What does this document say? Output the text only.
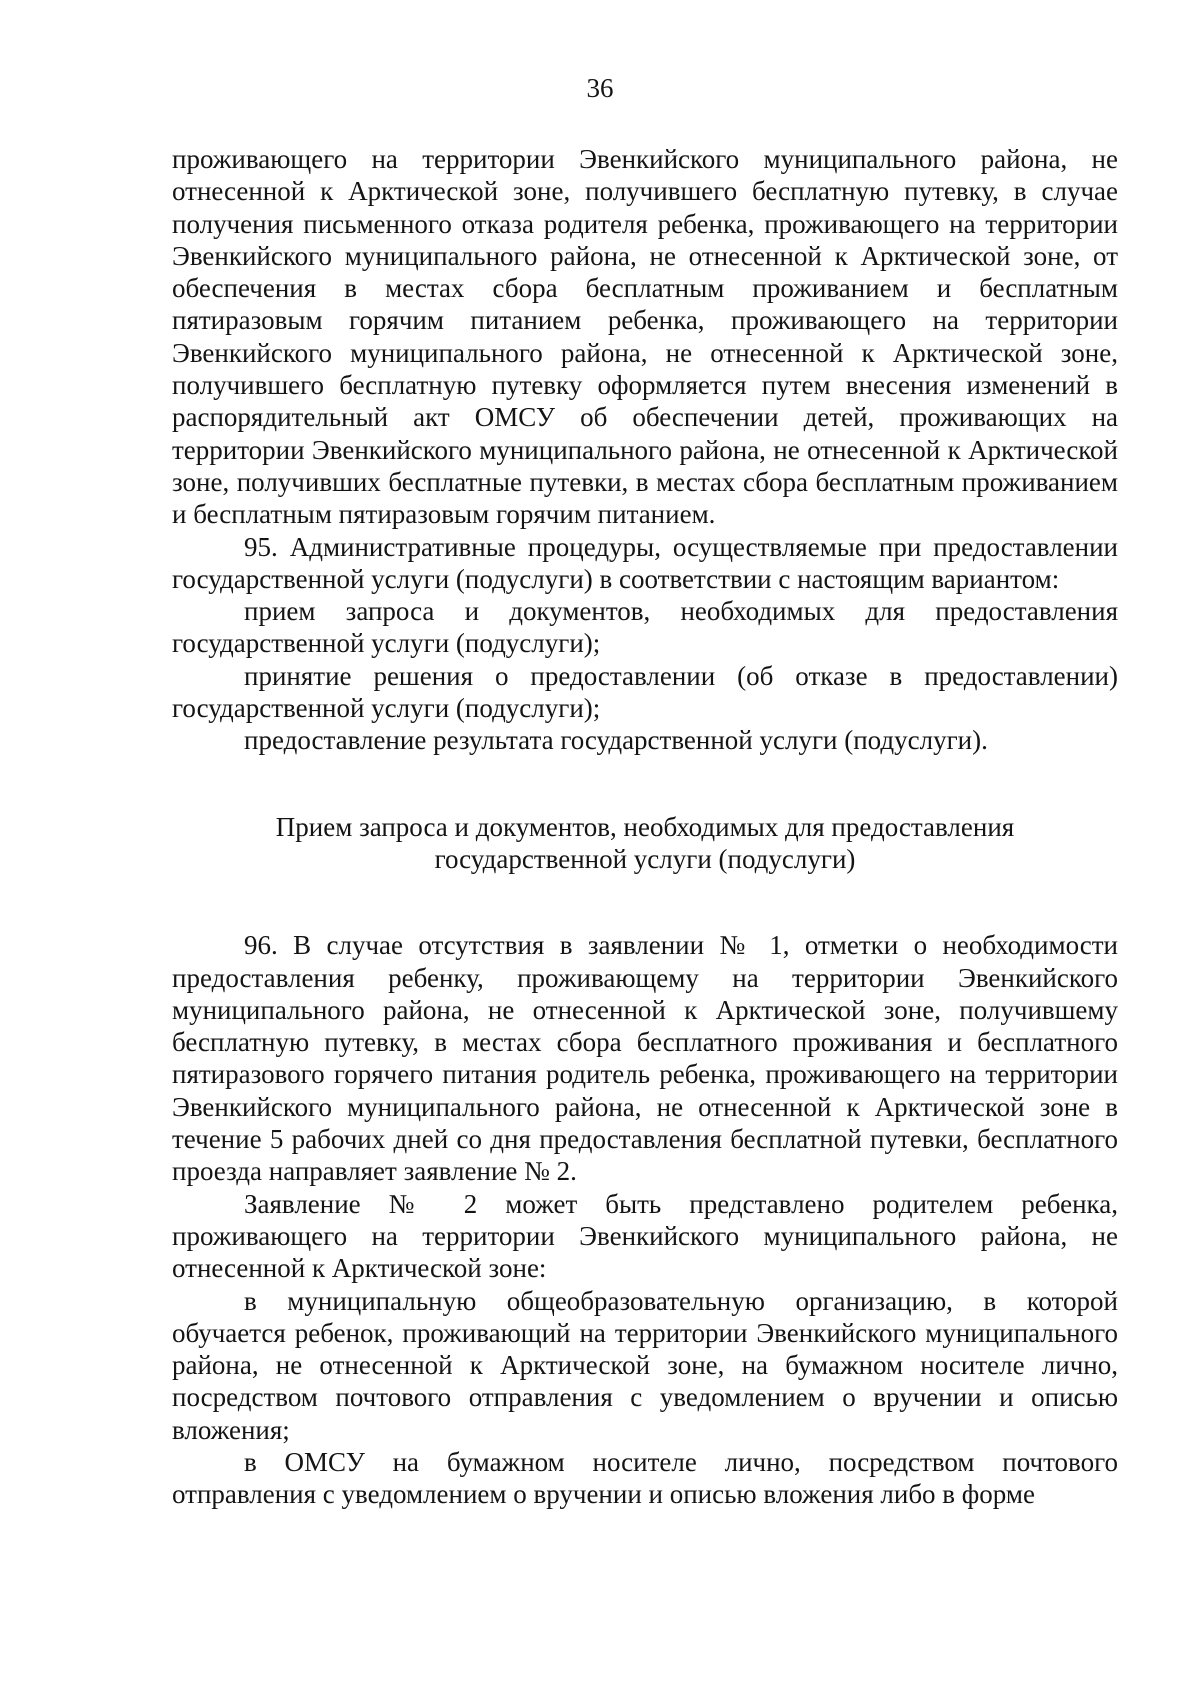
36

проживающего на территории Эвенкийского муниципального района, не отнесенной к Арктической зоне, получившего бесплатную путевку, в случае получения письменного отказа родителя ребенка, проживающего на территории Эвенкийского муниципального района, не отнесенной к Арктической зоне, от обеспечения в местах сбора бесплатным проживанием и бесплатным пятиразовым горячим питанием ребенка, проживающего на территории Эвенкийского муниципального района, не отнесенной к Арктической зоне, получившего бесплатную путевку оформляется путем внесения изменений в распорядительный акт ОМСУ об обеспечении детей, проживающих на территории Эвенкийского муниципального района, не отнесенной к Арктической зоне, получивших бесплатные путевки, в местах сбора бесплатным проживанием и бесплатным пятиразовым горячим питанием.

95. Административные процедуры, осуществляемые при предоставлении государственной услуги (подуслуги) в соответствии с настоящим вариантом:

прием запроса и документов, необходимых для предоставления государственной услуги (подуслуги);

принятие решения о предоставлении (об отказе в предоставлении) государственной услуги (подуслуги);

предоставление результата государственной услуги (подуслуги).

Прием запроса и документов, необходимых для предоставления
государственной услуги (подуслуги)

96. В случае отсутствия в заявлении № 1, отметки о необходимости предоставления ребенку, проживающему на территории Эвенкийского муниципального района, не отнесенной к Арктической зоне, получившему бесплатную путевку, в местах сбора бесплатного проживания и бесплатного пятиразового горячего питания родитель ребенка, проживающего на территории Эвенкийского муниципального района, не отнесенной к Арктической зоне в течение 5 рабочих дней со дня предоставления бесплатной путевки, бесплатного проезда направляет заявление № 2.

Заявление № 2 может быть представлено родителем ребенка, проживающего на территории Эвенкийского муниципального района, не отнесенной к Арктической зоне:

в муниципальную общеобразовательную организацию, в которой обучается ребенок, проживающий на территории Эвенкийского муниципального района, не отнесенной к Арктической зоне, на бумажном носителе лично, посредством почтового отправления с уведомлением о вручении и описью вложения;

в ОМСУ на бумажном носителе лично, посредством почтового отправления с уведомлением о вручении и описью вложения либо в форме
